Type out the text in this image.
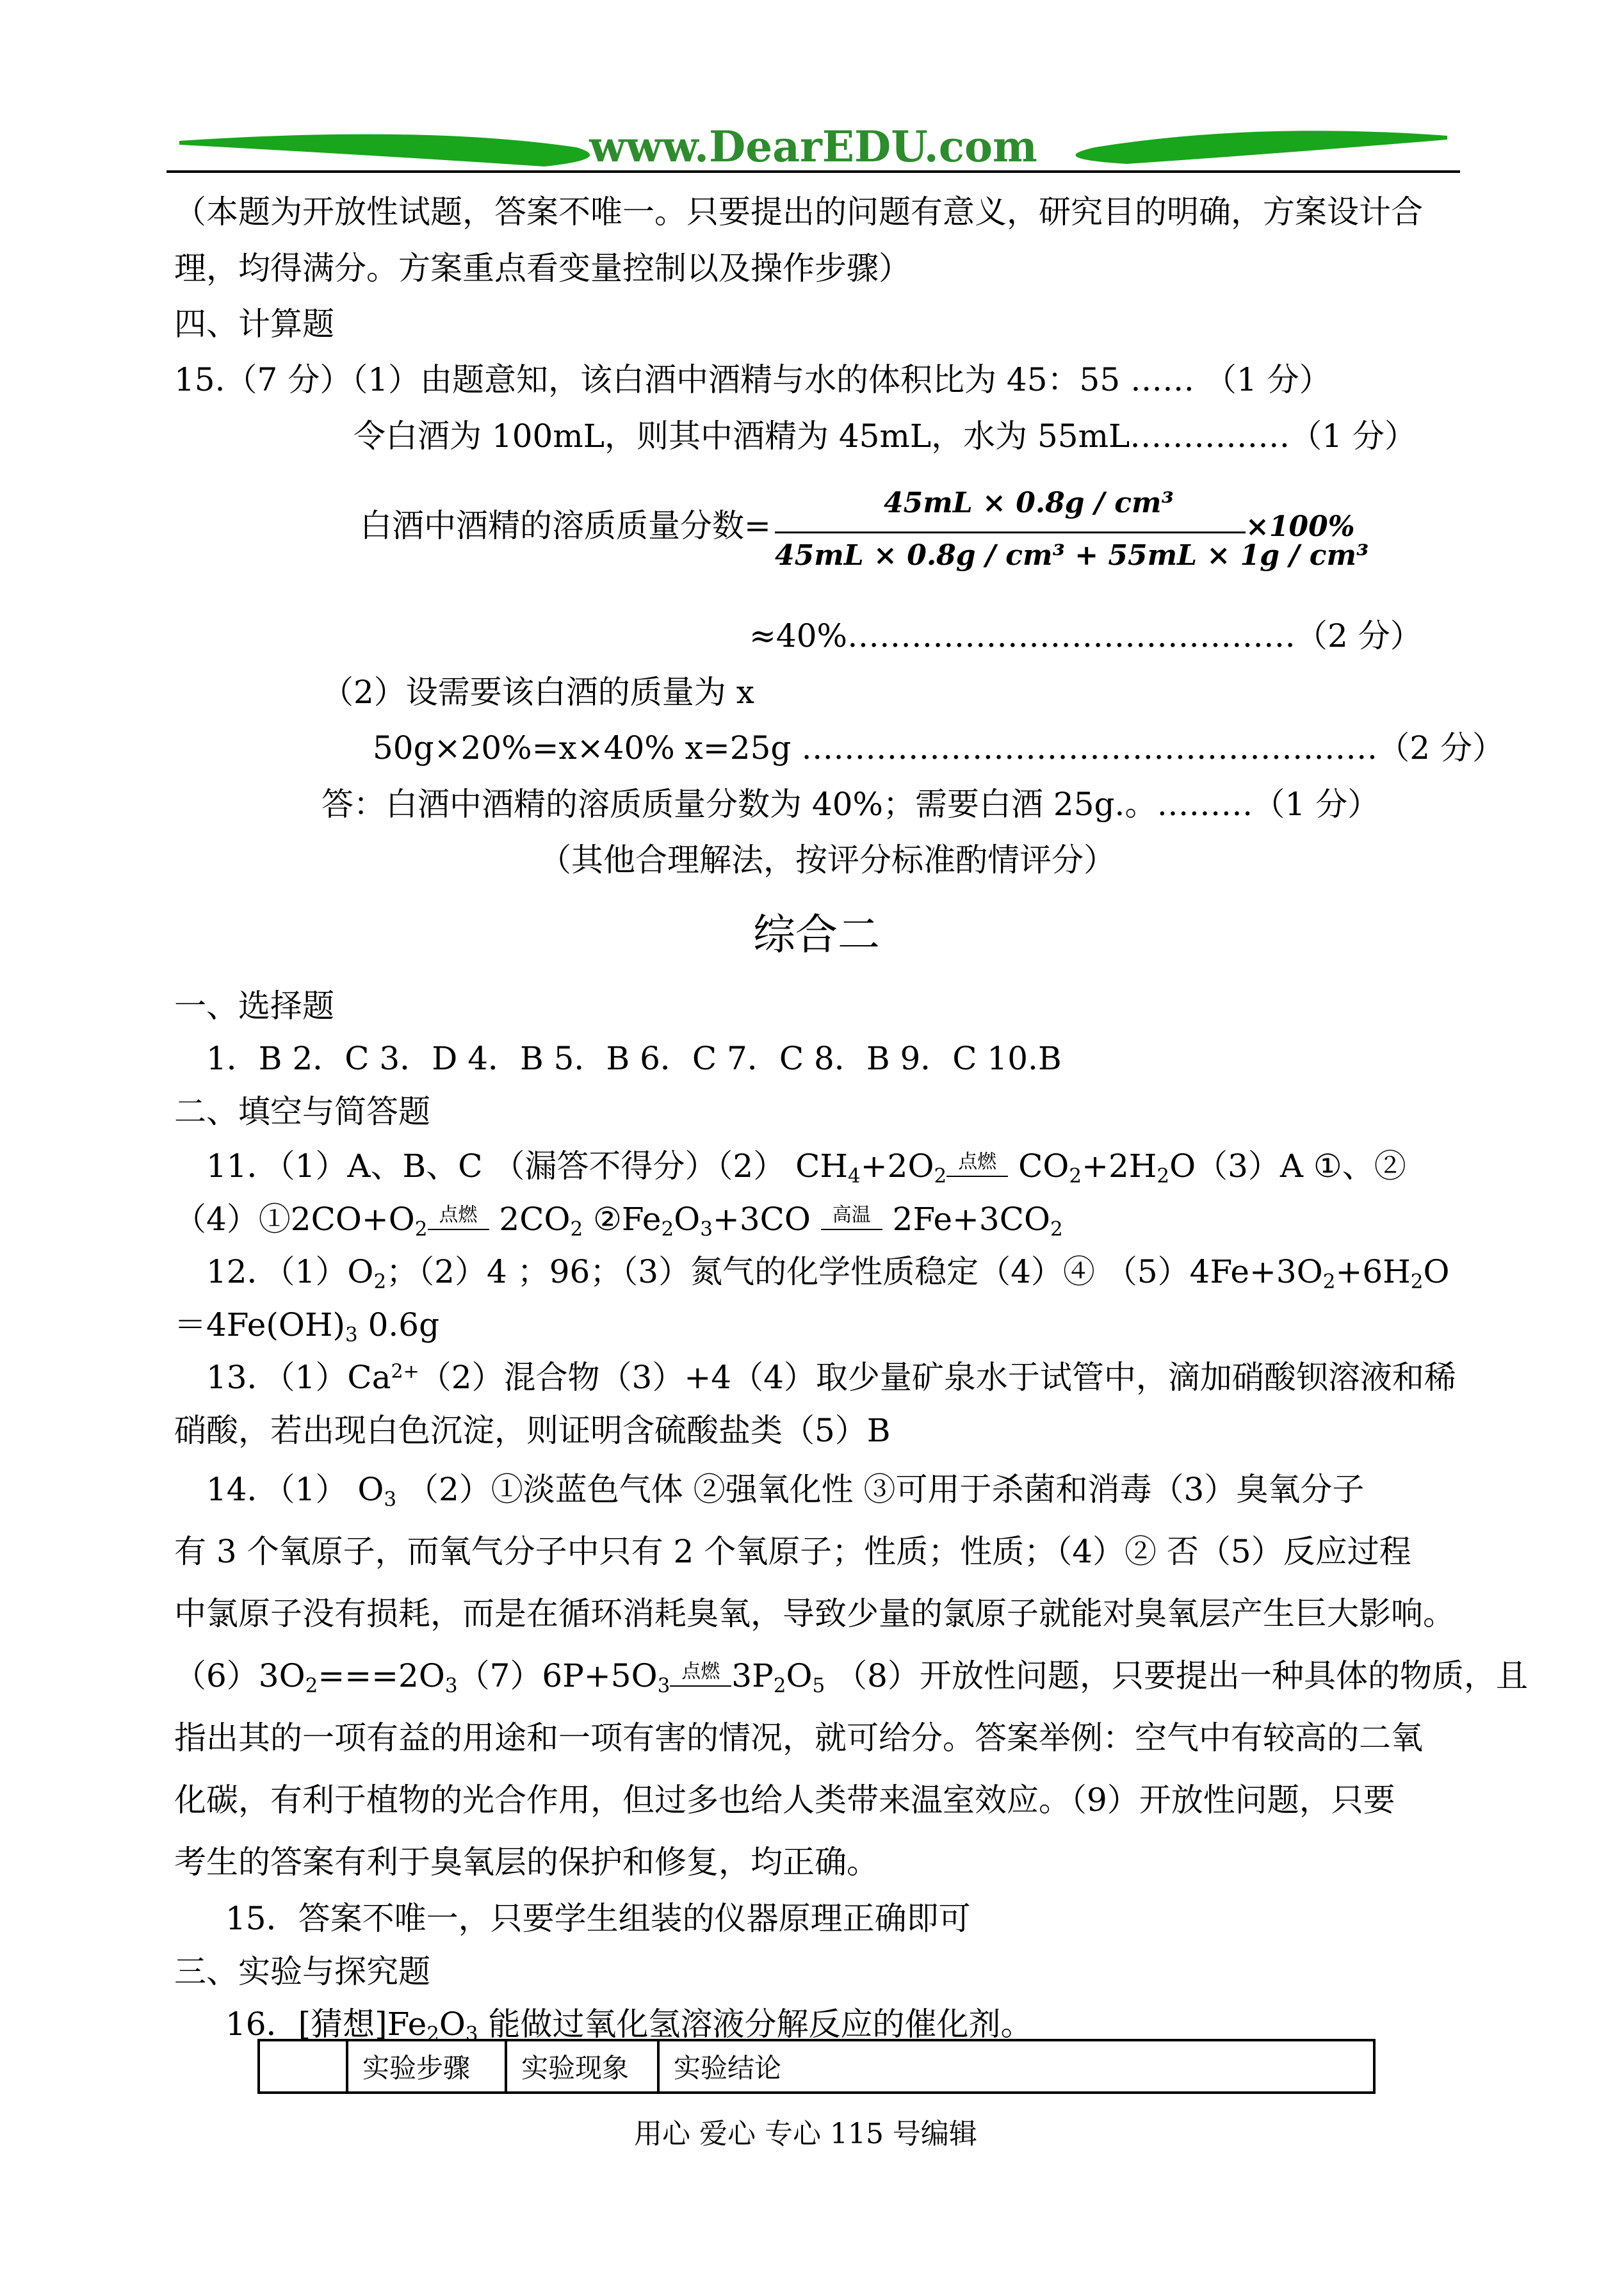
www.DearEDU.com
（本题为开放性试题，答案不唯一。只要提出的问题有意义，研究目的明确，方案设计合
理，均得满分。方案重点看变量控制以及操作步骤）
四、计算题
15.（7 分）（1）由题意知，该白酒中酒精与水的体积比为 45：55 …… （1 分）
令白酒为 100mL，则其中酒精为 45mL，水为 55mL……………（1 分）
白酒中酒精的溶质质量分数=
45mL × 0.8g / cm³
45mL × 0.8g / cm³ + 55mL × 1g / cm³
×100%
≈40%……………………………………（2 分）
（2）设需要该白酒的质量为 x
50g×20%=x×40% x=25g ………………………………………………（2 分）
答：白酒中酒精的溶质质量分数为 40%；需要白酒 25g.。………（1 分）
（其他合理解法，按评分标准酌情评分）
综合二
一、选择题
1．B 2．C 3．D 4．B 5．B 6．C 7．C 8．B 9．C 10.B
二、填空与简答题
11．（1）A、B、C （漏答不得分）（2） $CH_4+2O_2$
点燃 $CO_2+2H_2O(3)A$ ①、②
$(4)①2CO+O_2$
点燃 $2CO_2$ $②Fe_2O_3+3CO$ 高温 $2Fe+3CO_2$
12．$(1)O_2$；（2）4 ；96；（3）氮气的化学性质稳定（4）④ $(5)4Fe+3O_2+6H_2O$
$=4Fe(OH)_3$ 0.6g
13．$(1)Ca^{2+}(2)$混合物（3）+4（4）取少量矿泉水于试管中，滴加硝酸钡溶液和稀
硝酸，若出现白色沉淀，则证明含硫酸盐类（5）B
14．（1） $O_3$ （2）①淡蓝色气体 ②强氧化性 ③可用于杀菌和消毒（3）臭氧分子
有 3 个氧原子，而氧气分子中只有 2 个氧原子；性质；性质；（4）② 否（5）反应过程
中氯原子没有损耗，而是在循环消耗臭氧，导致少量的氯原子就能对臭氧层产生巨大影响。
$(6)3O_2===2O_3(7)6P+5O_3$
点燃 $3P_2O_5$ （8）开放性问题，只要提出一种具体的物质，且
指出其的一项有益的用途和一项有害的情况，就可给分。答案举例：空气中有较高的二氧
化碳，有利于植物的光合作用，但过多也给人类带来温室效应。（9）开放性问题，只要
考生的答案有利于臭氧层的保护和修复，均正确。
15．答案不唯一，只要学生组装的仪器原理正确即可
三、实验与探究题
16．[猜想]$Fe_2O_3$ 能做过氧化氢溶液分解反应的催化剂。
	实验步骤	实验现象	实验结论
用心 爱心 专心 115 号编辑
